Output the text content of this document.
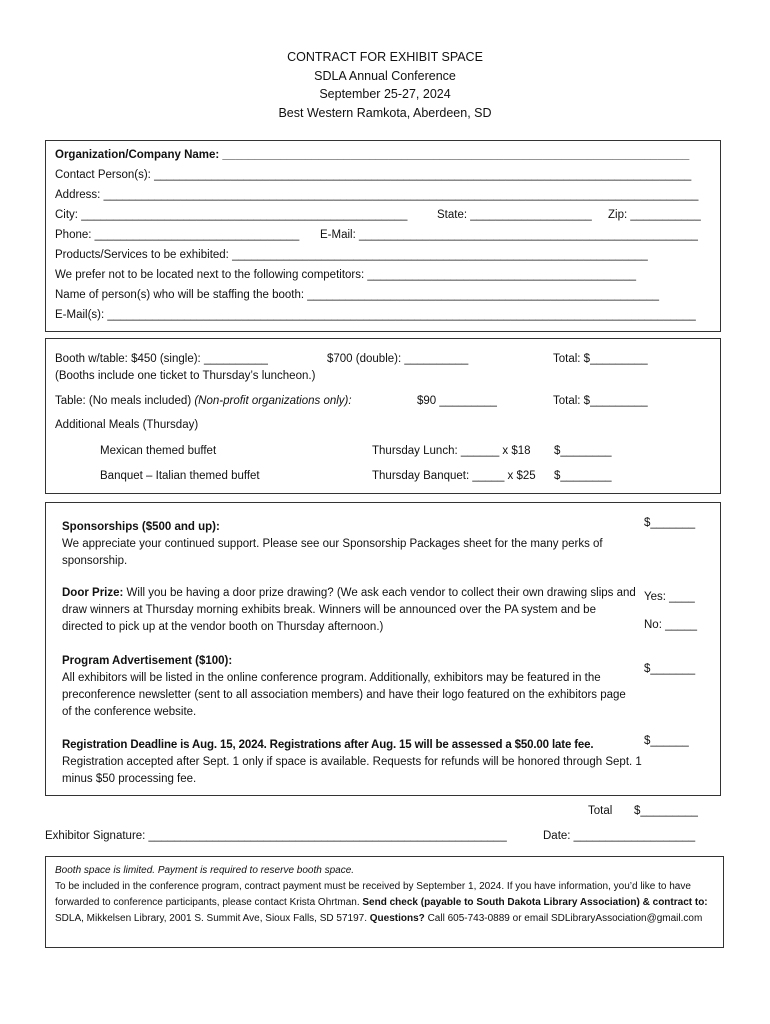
CONTRACT FOR EXHIBIT SPACE
SDLA Annual Conference
September 25-27, 2024
Best Western Ramkota, Aberdeen, SD
Organization/Company Name: _________________________________________________________________________
Contact Person(s): ____________________________________________________________________________________
Address: _____________________________________________________________________________________________
City: ___________________________________________________	State: ___________________ Zip: ___________
Phone: ________________________________ E-Mail: _____________________________________________________
Products/Services to be exhibited: _________________________________________________________________
We prefer not to be located next to the following competitors: __________________________________________
Name of person(s) who will be staffing the booth: _______________________________________________________
E-Mail(s): ____________________________________________________________________________________________
Booth w/table: $450 (single): __________	$700 (double): __________	Total: $_________
(Booths include one ticket to Thursday’s luncheon.)
Table: (No meals included) (Non-profit organizations only):	$90 _________	Total: $_________
Additional Meals (Thursday)
Mexican themed buffet	Thursday Lunch: ______ x $18 $________
Banquet – Italian themed buffet	Thursday Banquet: _____ x $25 $________
Sponsorships ($500 and up):
We appreciate your continued support. Please see our Sponsorship Packages sheet for the many perks of sponsorship.
$_______
Door Prize: Will you be having a door prize drawing? (We ask each vendor to collect their own drawing slips and draw winners at Thursday morning exhibits break. Winners will be announced over the PA system and be directed to pick up at the vendor booth on Thursday afternoon.)
Yes: ____
No: _____
Program Advertisement ($100):
All exhibitors will be listed in the online conference program. Additionally, exhibitors may be featured in the preconference newsletter (sent to all association members) and have their logo featured on the exhibitors page of the conference website.
$_______
Registration Deadline is Aug. 15, 2024. Registrations after Aug. 15 will be assessed a $50.00 late fee.
Registration accepted after Sept. 1 only if space is available. Requests for refunds will be honored through Sept. 1 minus $50 processing fee.
$______
Total $_________
Exhibitor Signature: ________________________________________________________	Date: ___________________
Booth space is limited. Payment is required to reserve booth space.
To be included in the conference program, contract payment must be received by September 1, 2024. If you have information, you’d like to have forwarded to conference participants, please contact Krista Ohrtman. Send check (payable to South Dakota Library Association) & contract to: SDLA, Mikkelsen Library, 2001 S. Summit Ave, Sioux Falls, SD 57197. Questions? Call 605-743-0889 or email SDLibraryAssociation@gmail.com
